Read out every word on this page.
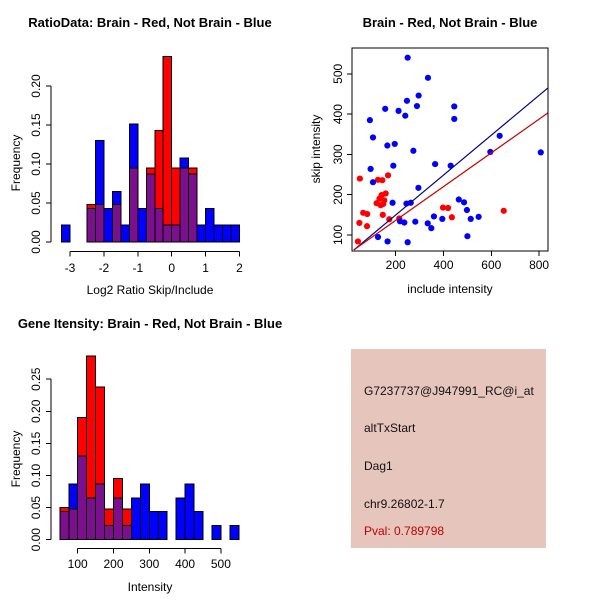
-3 -2 -1 0 1 2
0.00
0.05
0.10
0.15
0.20
200 400 600 800
100
200
300
400
500
100 200 300 400 500
0.00
0.05
0.10
0.15
0.20
0.25
RatioData: Brain - Red, Not Brain - Blue	Brain - Red, Not Brain - Blue
Gene Itensity: Brain - Red, Not Brain - Blue
Log2 Ratio Skip/Include
Frequency
include intensity
skip intensity
Intensity
Frequency
G7237737@J947991_RC@i_at
altTxStart
Dag1
chr9.26802-1.7
Pval: 0.789798
